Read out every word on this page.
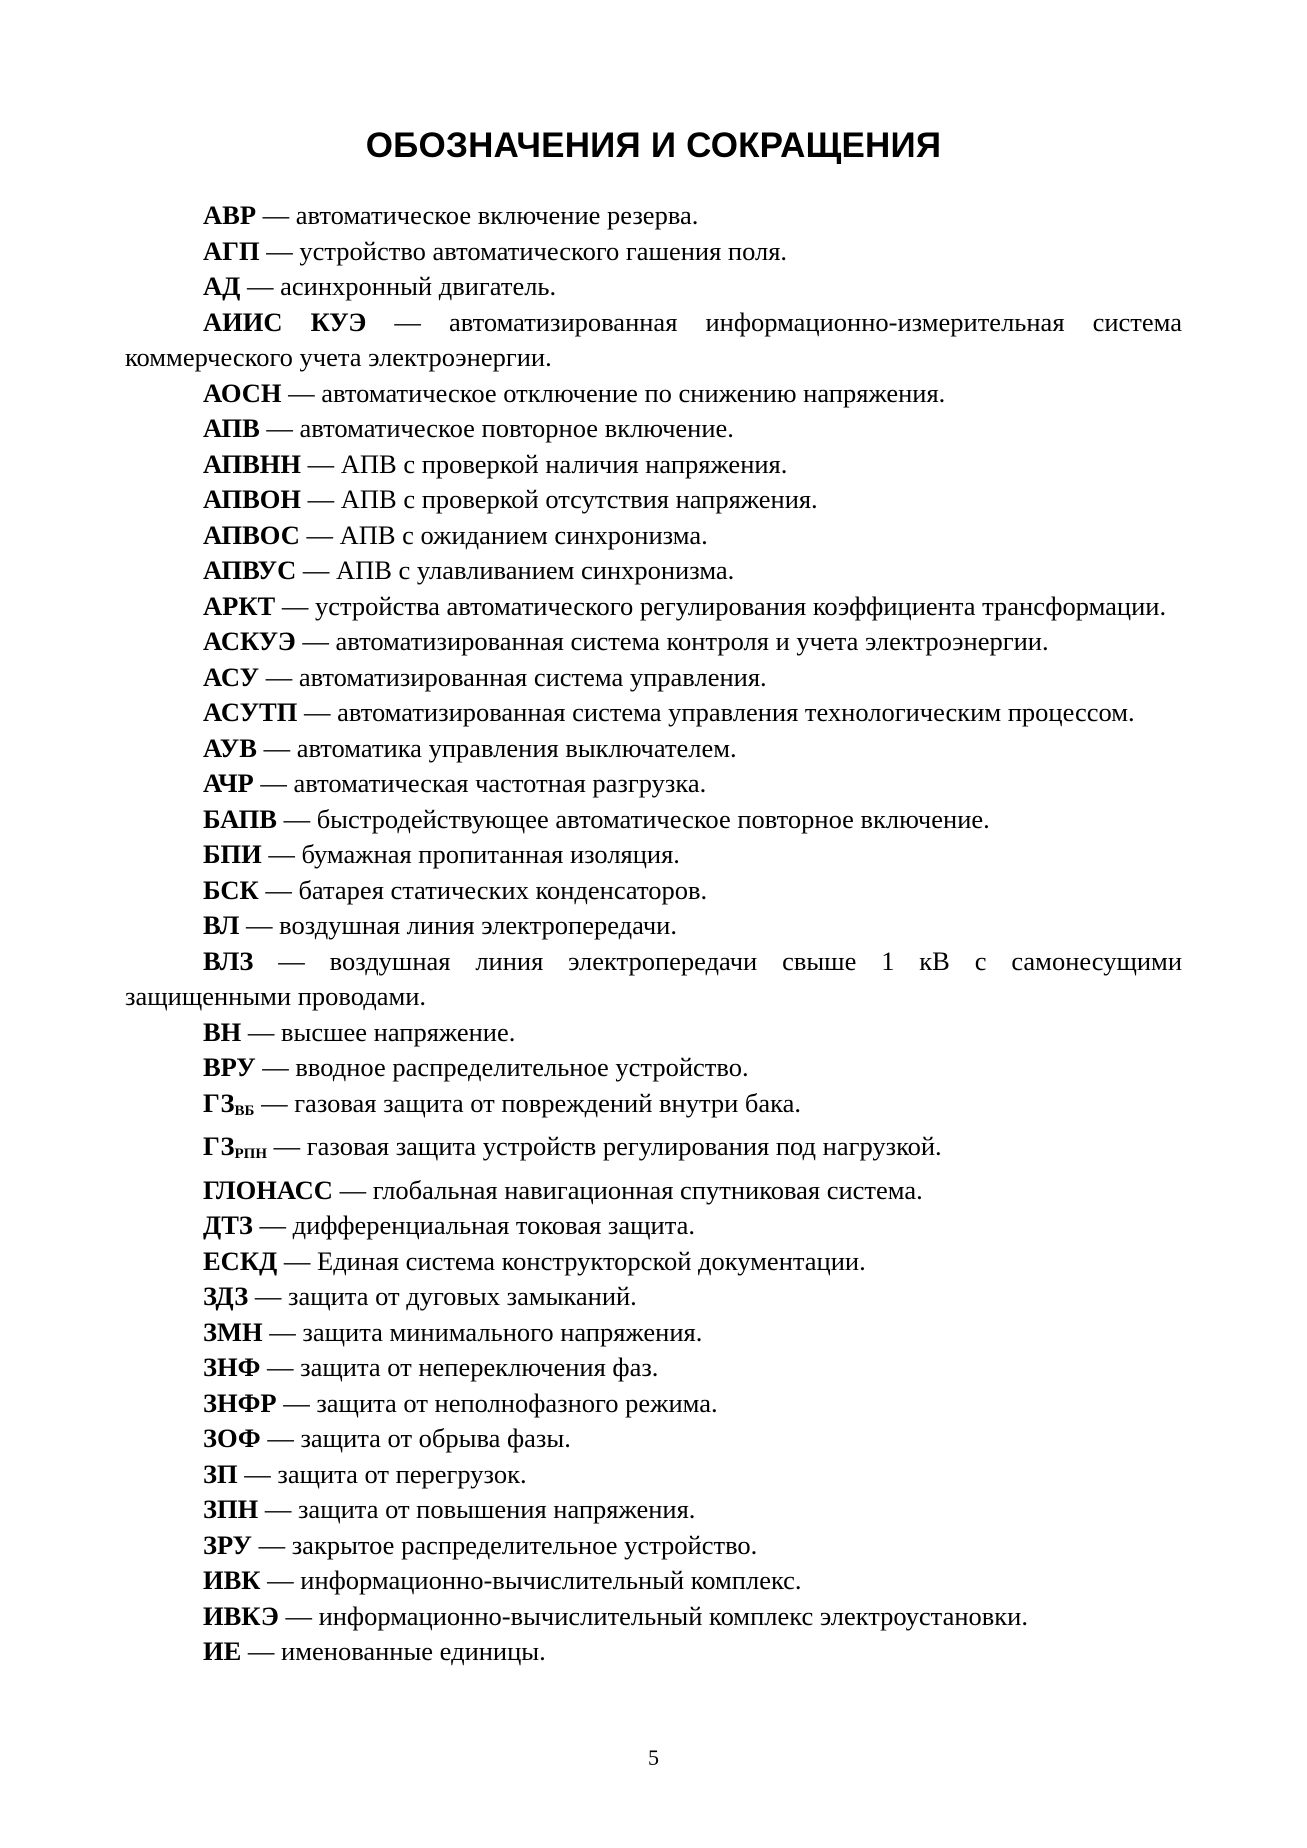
ОБОЗНАЧЕНИЯ И СОКРАЩЕНИЯ

АВР — автоматическое включение резерва.

АГП — устройство автоматического гашения поля.

АД — асинхронный двигатель.

АИИС КУЭ — автоматизированная информационно-измерительная система коммерческого учета электроэнергии.

АОСН — автоматическое отключение по снижению напряжения.

АПВ — автоматическое повторное включение.

АПВНН — АПВ с проверкой наличия напряжения.

АПВОН — АПВ с проверкой отсутствия напряжения.

АПВОС — АПВ с ожиданием синхронизма.

АПВУС — АПВ с улавливанием синхронизма.

АРКТ — устройства автоматического регулирования коэффициента трансформации.

АСКУЭ — автоматизированная система контроля и учета электроэнергии.

АСУ — автоматизированная система управления.

АСУТП — автоматизированная система управления технологическим процессом.

АУВ — автоматика управления выключателем.

АЧР — автоматическая частотная разгрузка.

БАПВ — быстродействующее автоматическое повторное включение.

БПИ — бумажная пропитанная изоляция.

БСК — батарея статических конденсаторов.

ВЛ — воздушная линия электропередачи.

ВЛЗ — воздушная линия электропередачи свыше 1 кВ с самонесущими защищенными проводами.

ВН — высшее напряжение.

ВРУ — вводное распределительное устройство.

$ГЗ_{ВБ}$ — газовая защита от повреждений внутри бака.

$ГЗ_{РПН}$ — газовая защита устройств регулирования под нагрузкой.

ГЛОНАСС — глобальная навигационная спутниковая система.

ДТЗ — дифференциальная токовая защита.

ЕСКД — Единая система конструкторской документации.

ЗДЗ — защита от дуговых замыканий.

ЗМН — защита минимального напряжения.

ЗНФ — защита от непереключения фаз.

ЗНФР — защита от неполнофазного режима.

ЗОФ — защита от обрыва фазы.

ЗП — защита от перегрузок.

ЗПН — защита от повышения напряжения.

ЗРУ — закрытое распределительное устройство.

ИВК — информационно-вычислительный комплекс.

ИВКЭ — информационно-вычислительный комплекс электроустановки.

ИЕ — именованные единицы.

5
